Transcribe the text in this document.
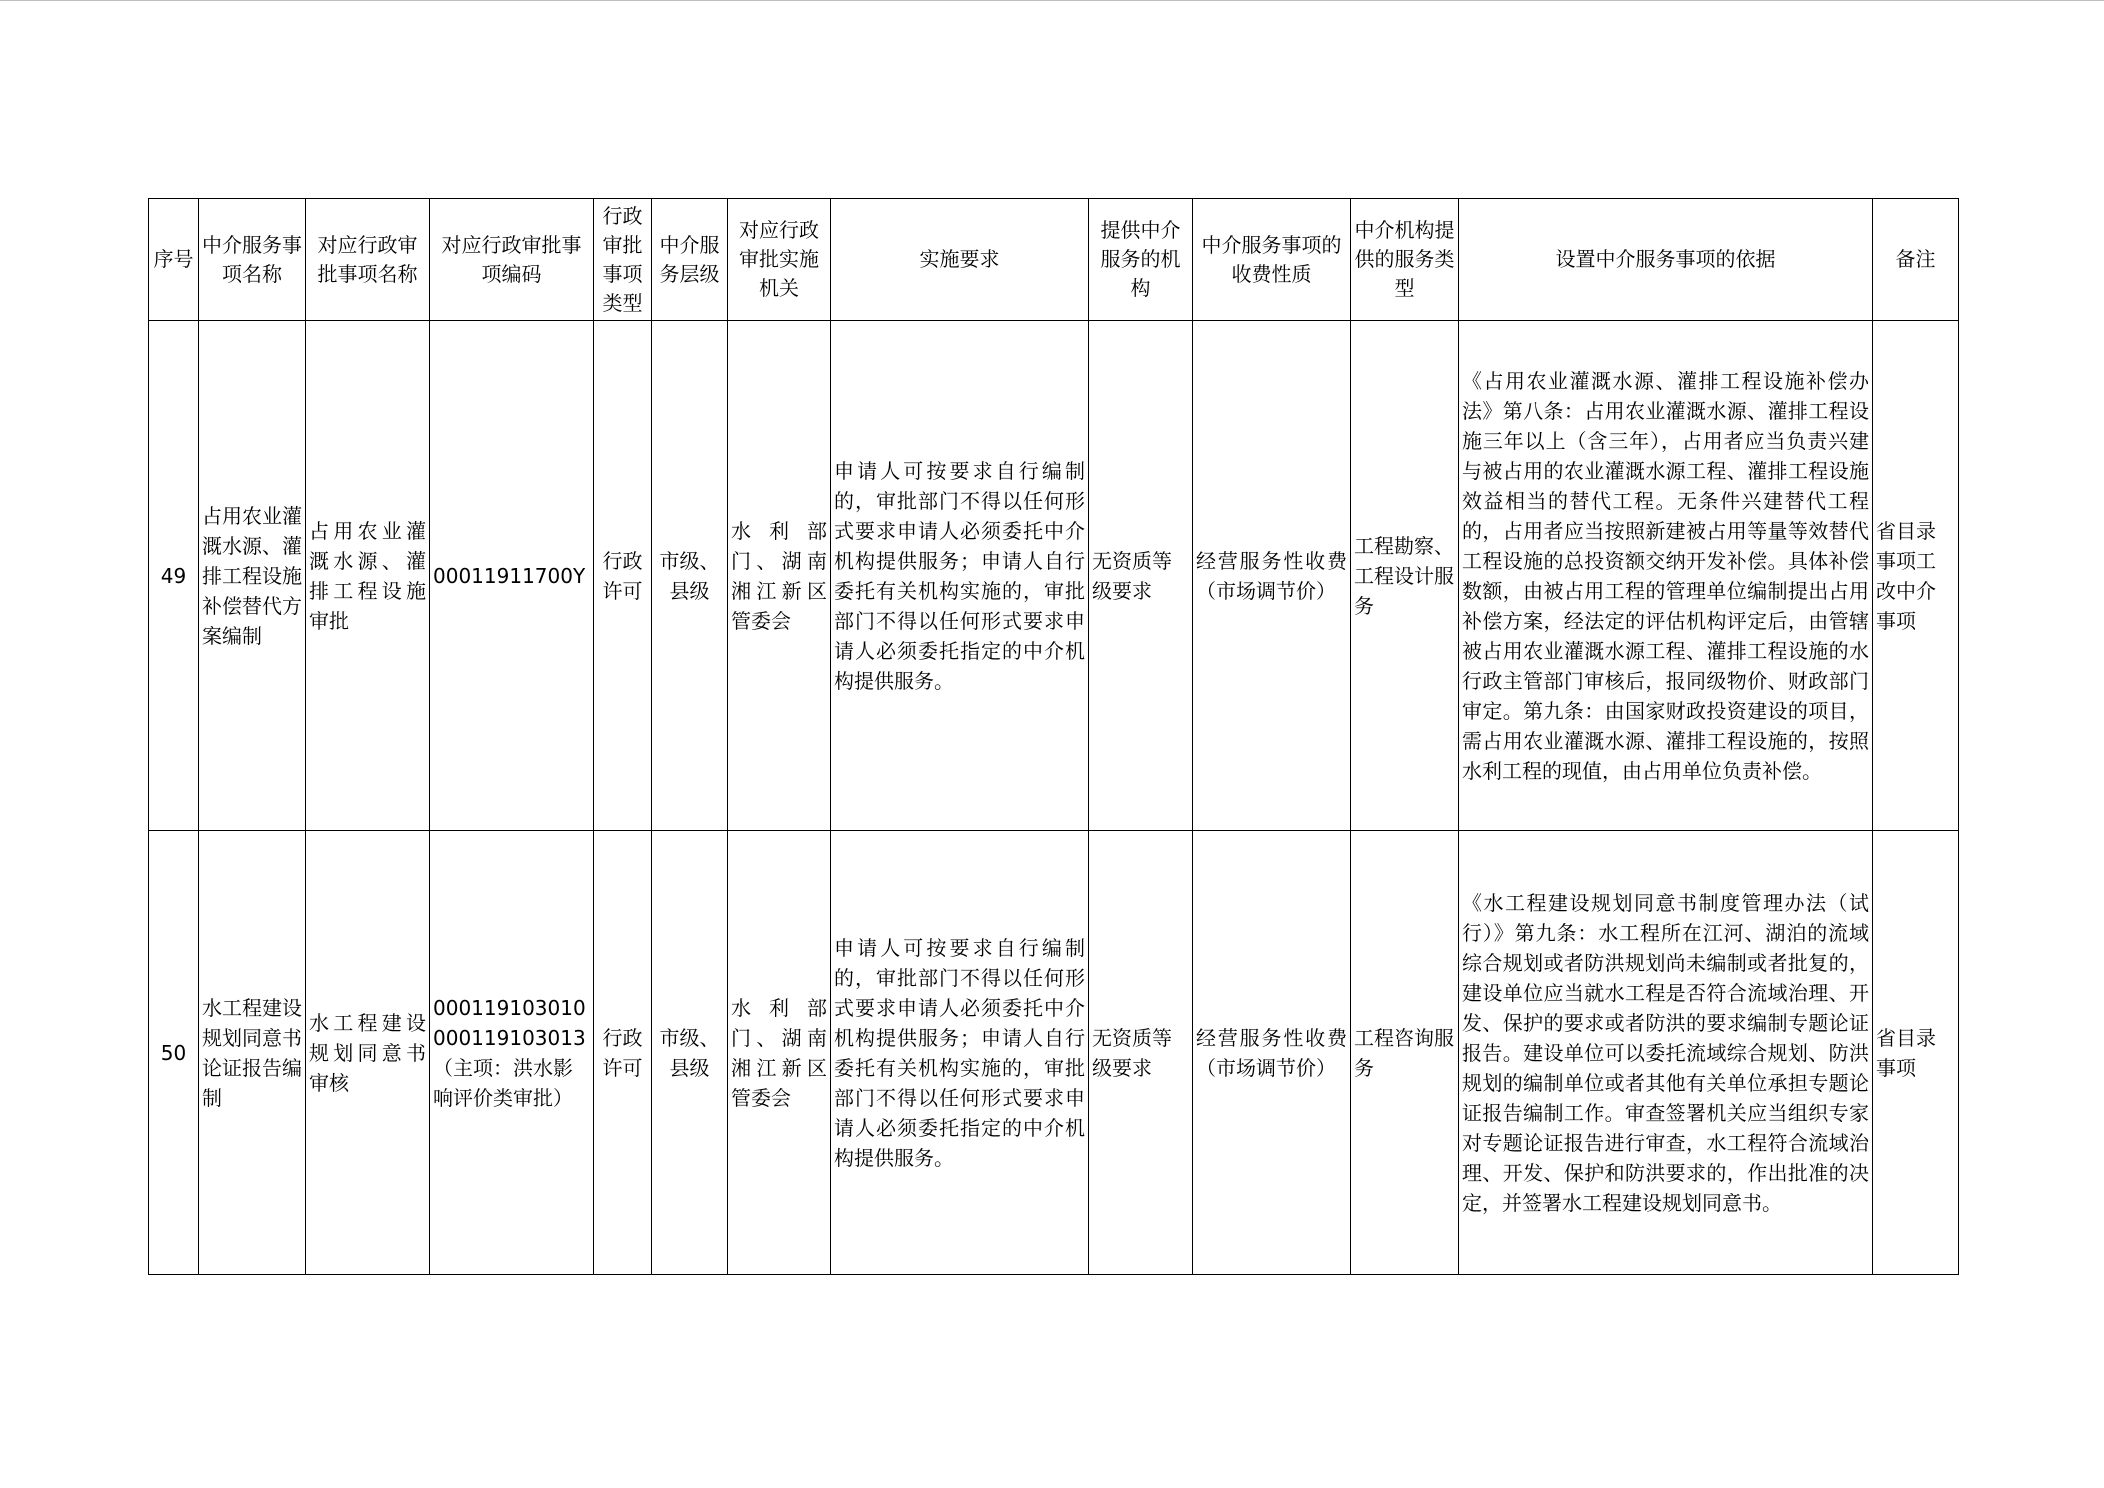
序号	中介服务事项名称	对应行政审批事项名称	对应行政审批事项编码	行政审批事项类型	中介服务层级	对应行政审批实施机关	实施要求	提供中介服务的机构	中介服务事项的收费性质	中介机构提供的服务类型	设置中介服务事项的依据	备注
49	占用农业灌溉水源、灌排工程设施补偿替代方案编制	占用农业灌溉水源、灌排工程设施审批	00011911700Y	行政许可	市级、县级	水利部门、湖南湘江新区管委会	申请人可按要求自行编制的，审批部门不得以任何形式要求申请人必须委托中介机构提供服务；申请人自行委托有关机构实施的，审批部门不得以任何形式要求申请人必须委托指定的中介机构提供服务。	无资质等级要求	经营服务性收费（市场调节价）	工程勘察、工程设计服务	《占用农业灌溉水源、灌排工程设施补偿办法》第八条：占用农业灌溉水源、灌排工程设施三年以上（含三年），占用者应当负责兴建与被占用的农业灌溉水源工程、灌排工程设施效益相当的替代工程。无条件兴建替代工程的，占用者应当按照新建被占用等量等效替代工程设施的总投资额交纳开发补偿。具体补偿数额，由被占用工程的管理单位编制提出占用补偿方案，经法定的评估机构评定后，由管辖被占用农业灌溉水源工程、灌排工程设施的水行政主管部门审核后，报同级物价、财政部门审定。第九条：由国家财政投资建设的项目，需占用农业灌溉水源、灌排工程设施的，按照水利工程的现值，由占用单位负责补偿。	省目录事项工改中介事项
50	水工程建设规划同意书论证报告编制	水工程建设规划同意书审核	000119103010 000119103013（主项：洪水影响评价类审批）	行政许可	市级、县级	水利部门、湖南湘江新区管委会	申请人可按要求自行编制的，审批部门不得以任何形式要求申请人必须委托中介机构提供服务；申请人自行委托有关机构实施的，审批部门不得以任何形式要求申请人必须委托指定的中介机构提供服务。	无资质等级要求	经营服务性收费（市场调节价）	工程咨询服务	《水工程建设规划同意书制度管理办法（试行）》第九条：水工程所在江河、湖泊的流域综合规划或者防洪规划尚未编制或者批复的，建设单位应当就水工程是否符合流域治理、开发、保护的要求或者防洪的要求编制专题论证报告。建设单位可以委托流域综合规划、防洪规划的编制单位或者其他有关单位承担专题论证报告编制工作。审查签署机关应当组织专家对专题论证报告进行审查，水工程符合流域治理、开发、保护和防洪要求的，作出批准的决定，并签署水工程建设规划同意书。	省目录事项
